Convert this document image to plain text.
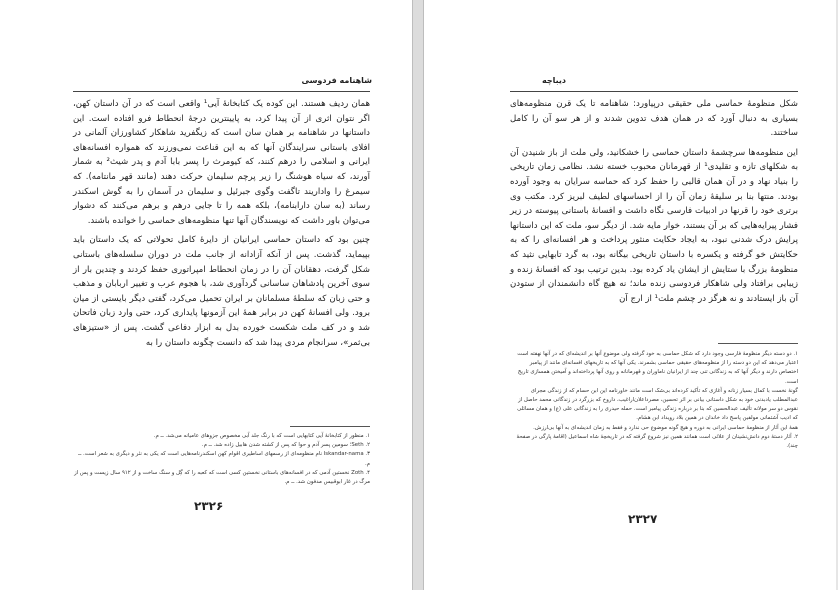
شاهنامه فردوسی

همان ردیف هستند. این کوده یک کتابخانهٔ آیی¹ واقعی است که در آن داستان کهن، اگر نتوان اثری از آن پیدا کرد، به پایینترین درجهٔ انحطاط فرو افتاده است. این داستانها در شاهنامه بر همان سان است که زیگفرید شاهکار کشاورزان آلمانی در افلای باستانی سرایندگان آنها که به این قناعت نمی‌ورزند که همواره افسانه‌های ایرانی و اسلامی را درهم کنند، که کیومرث را پسر بابا آدم و پدر شیث² به شمار آورند، که سیاه هوشنگ را زیر پرچم سلیمان حرکت دهند (مانند قهر مانتامه). که سیمرغ را واداریند تاگفت وگوی جبرئیل و سلیمان در آسمان را به گوش اسکندر رساند (به سان دارابنامه)، بلکه همه را تا جایی درهم و برهم می‌کنند که دشوار می‌توان باور داشت که نویسندگان آنها تنها منظومه‌های حماسی را خوانده باشند.

چنین بود که داستان حماسی ایرانیان از دایرهٔ کامل تحولاتی که یک داستان باید بپیماید، گذشت. پس از آنکه آزادانه از جانب ملت در دوران سلسله‌های باستانی شکل گرفت، دهقانان آن را در زمان انحطاط امپراتوری حفظ کردند و چندین بار از سوی آخرین پادشاهان ساسانی گردآوری شد، با هجوم عرب و تغییر اربابان و مذهب و حتی زبان که سلطهٔ مسلمانان بر ایران تحمیل می‌کرد، گفتی دیگر بایستی از میان برود. ولی افسانهٔ کهن در برابر همهٔ این آزمونها پایداری کرد، حتی وارد زبان فاتحان شد و در کف ملت شکست خورده بدل به ابزار دفاعی گشت. پس از «ستیزهای بی‌ثمر»، سرانجام مردی پیدا شد که دانست چگونه داستان را به

۱. منظور از کتابخانهٔ آیی کتابهایی است که با رنگ جلد آبی مخصوص جزوهای عامیانه می‌شد. ــ م.

۲. Seth؛ سومین پسر آدم و حوا که پس از کشته شدن هابیل زاده شد. ــ م.

۳. Iskandar-nama نام منظومه‌ای از رسمهای اساطیری اقوام کهن اسکندرنامه‌هایی است که یکی به نثر و دیگری به شعر است. ــ م.

۴. Zoth نخستین آدمی که در افسانه‌های باستانی نخستین کسی است که کعبه را که گِل و سنگ ساخت و از ۹۱۲ سال زیست و پس از مرگ در غار ابوقبیس مدفون شد. ــ م.

۲۳۲۶
دیباچه

شکل منظومهٔ حماسی ملی حقیقی درپیاورد: شاهنامه تا یک قرن منظومه‌های بسیاری به دنبال آورد که در همان هدف تدوین شدند و از هر سو آن را کامل ساختند.

این منظومه‌ها سرچشمهٔ داستان حماسی را خشکانید، ولی ملت از باز شنیدن آن به شکلهای تازه و تقلیدی¹ از قهرمانان محبوب خسته نشد. نظامی زمان تاریخی را بنیاد نهاد و در آن همان قالبی را حفظ کرد که حماسه سرایان به وجود آورده بودند. منتها بنا بر سلیقهٔ زمان آن را از احساسهای لطیف لبریز کرد. مکتب وی برتری خود را قرنها در ادبیات فارسی نگاه داشت و افسانهٔ باستانی پیوسته در زیر فشار پیرایه‌هایی که بر آن بستند، خوار مایه شد. از دیگر سو، ملت که این داستانها پرایش درک شدنی نبود، به ایجاد حکایت منثور پرداخت و هر افسانه‌ای را که به حکایتش خو گرفته و یکسره با داستان تاریخی بیگانه بود، به گرد تابهایی نثید که منظومهٔ بزرگ با ستایش از ایشان یاد کرده بود. بدین ترتیب بود که افسانهٔ زنده و زیبایی برافتاد ولی شاهکار فردوسی زنده ماند؛ نه هیچ گاه دانشمندان از ستودن آن باز ایستادند و نه هرگز در چشم ملت¹ از ارج آن

۱. دو دسته دیگر منظومهٔ فارسی وجود دارد که شکل حماسی به خود گرفته ولی موضوع آنها بر اندیشه‌ای که در آنها نهفته است اعتبار می‌دهد که این دو دسته را از منظومه‌های حقیقی حماسی بشمرند. یکی آنها که به تاریخهای افسانه‌ای مانند از پیامبر اختصاص دارند و دیگر آنها که به زندگانی تنی چند از ایرانیان ناماوران و قهرمانانه و روی آنها پرداخته‌اند و آمیختن همسازی تاریخ است.

گونهٔ نخست با کمال بسیار زنانه و آغازی که تأکید کرده‌اند بی‌شک است مانند خاورنامه این ابن حسام که از زندگی مجرای عبدالمطلب یادبدنی خود به شکل داستانی بیانی بر اثر تحسین، مصرداعلان‌اراغیب، داروخ که بزرگرد در زندگانی محمد حاصل از نقوس دو سر مولانه تألیف عبدالحسین که بنا بر درباره زندگی پیامبر است. حمله حیدری را به زندگانی علی (ع) و همان مسائلی که ادیب آشتمانی مولفین پاسخ داد خاندان در همین بلاد رویداد ابن هشام.

همهٔ این آثار از منظومهٔ حماسی ایرانی به دوره و هیچ گونه موضوع حی ندارد و فقط به زمان اندیشه‌ای به آنها بی‌ارزش.

۲. آثار دستهٔ دوم دانش‌نشینان از علائی است همانند همین نیز شروع گرفته که در تاریخچهٔ شاه اسماعیل (اقامهٔ پارگی در صفحهٔ چند).

۲۳۲۷
